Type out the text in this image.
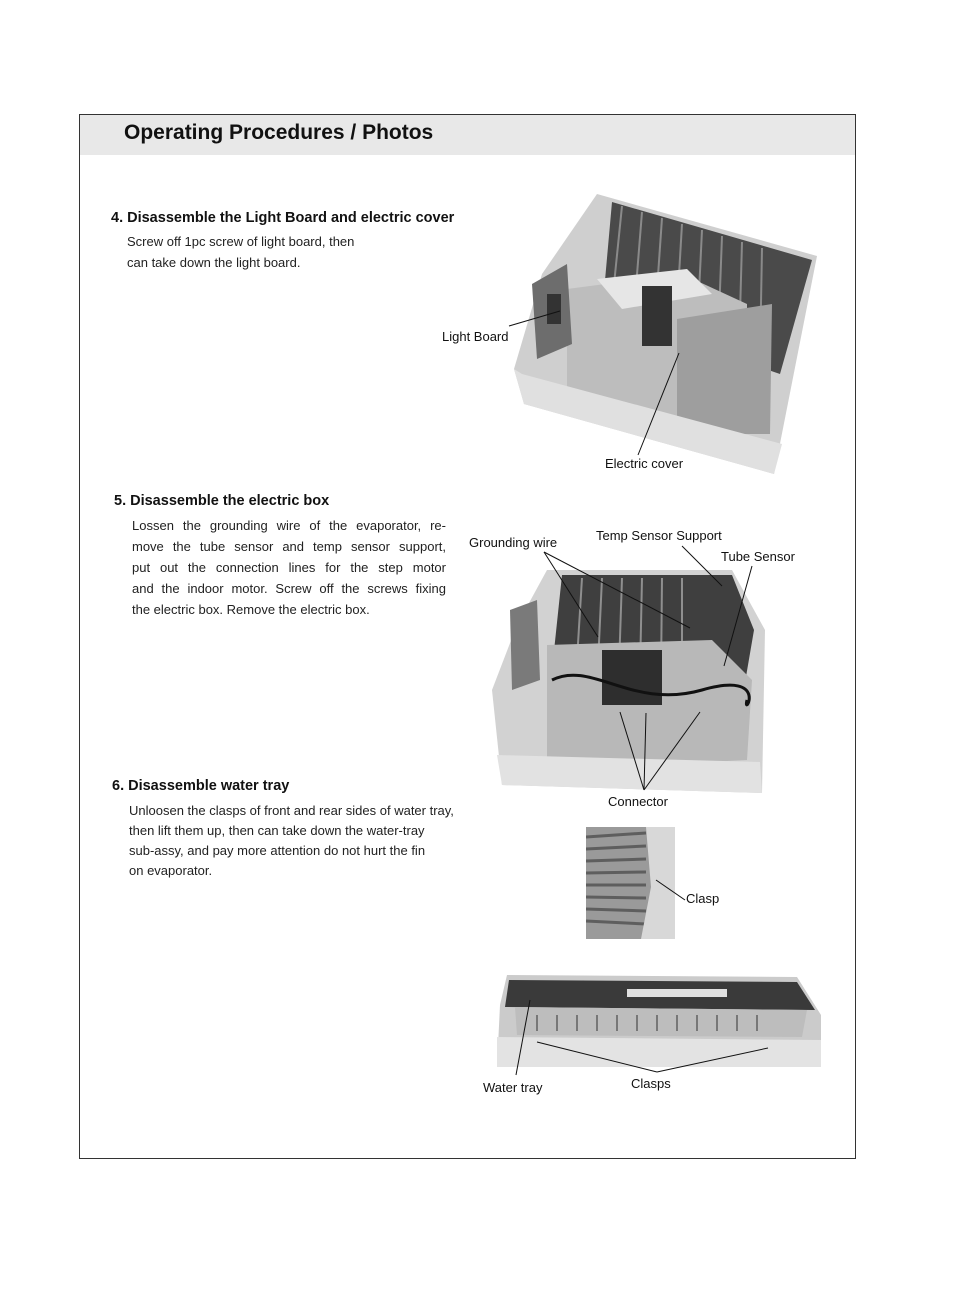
Operating Procedures / Photos
4. Disassemble the Light Board and electric cover

Screw off 1pc screw of light board, then

can take down the light board.

5. Disassemble the electric box

Lossen the grounding wire of the evaporator, re-

move the tube sensor and temp sensor support,

put out the connection lines for the step motor

and the indoor motor. Screw off the screws fixing

the electric box. Remove the electric box.

6. Disassemble water tray

Unloosen the clasps of front and rear sides of water tray,

then lift them up, then can take down the water-tray

sub-assy, and pay more attention do not hurt the fin

on evaporator.

Light Board
Electric cover
Grounding wire	Temp Sensor Support
Tube Sensor
Connector
Clasp
Water tray	Clasps
